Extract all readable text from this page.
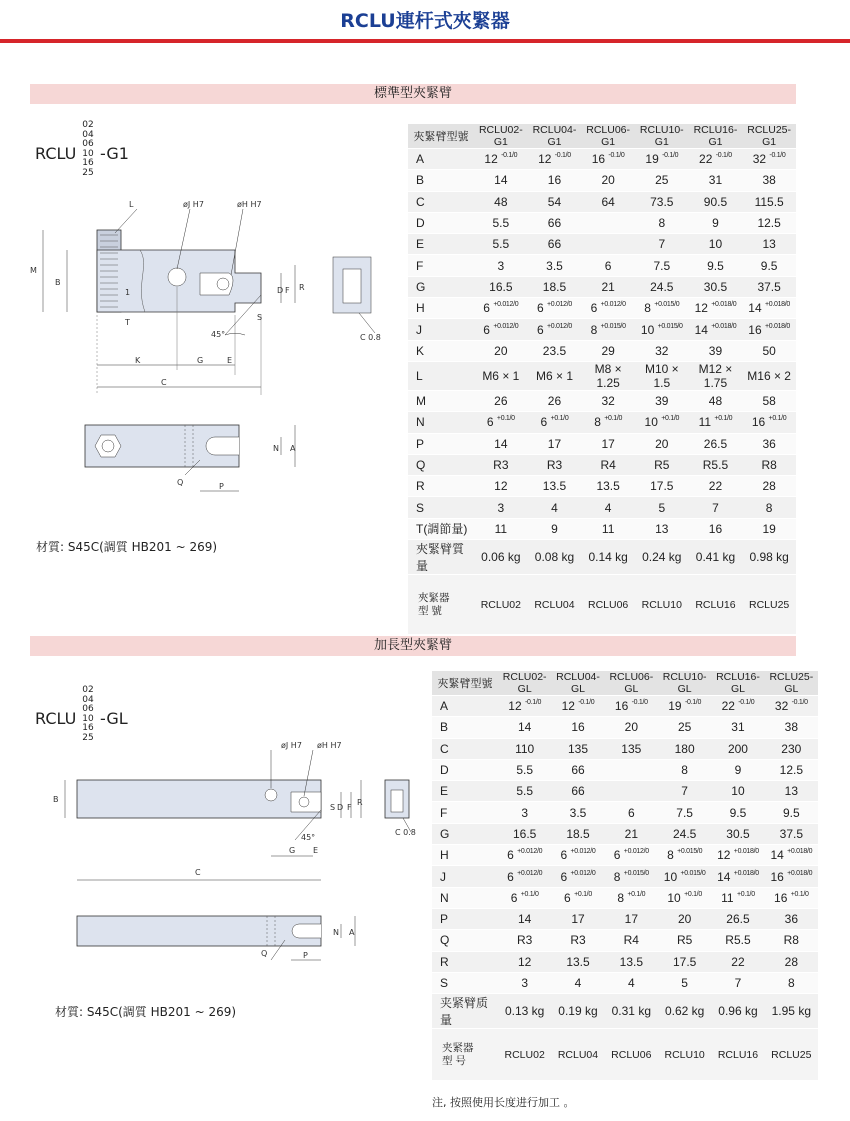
RCLU連杆式夾緊器
標準型夾緊臂
RCLU
02
04
06
10
16
25
-G1
L	øJ H7	øH H7
M
B
1
T
S
D F R
45°
K	G	E
C
C 0.8
N A
Q	P
材質: S45C(調質 HB201 ~ 269)
夾緊臂型號	RCLU02-G1	RCLU04-G1	RCLU06-G1	RCLU10-G1	RCLU16-G1	RCLU25-G1
A	12 $^{-0.1/0}$	12 $^{-0.1/0}$	16 $^{-0.1/0}$	19 $^{-0.1/0}$	22 $^{-0.1/0}$	32 $^{-0.1/0}$
B	14	16	20	25	31	38
C	48	54	64	73.5	90.5	115.5
D	5.5	66		8	9	12.5
E	5.5	66		7	10	13
F	3	3.5	6	7.5	9.5	9.5
G	16.5	18.5	21	24.5	30.5	37.5
H	6 $^{+0.012/0}$	6 $^{+0.012/0}$	6 $^{+0.012/0}$	8 $^{+0.015/0}$	12 $^{+0.018/0}$	14 $^{+0.018/0}$
J	6 $^{+0.012/0}$	6 $^{+0.012/0}$	8 $^{+0.015/0}$	10 $^{+0.015/0}$	14 $^{+0.018/0}$	16 $^{+0.018/0}$
K	20	23.5	29	32	39	50
L	M6 × 1	M6 × 1	M8 × 1.25	M10 × 1.5	M12 × 1.75	M16 × 2
M	26	26	32	39	48	58
N	6 $^{+0.1/0}$	6 $^{+0.1/0}$	8 $^{+0.1/0}$	10 $^{+0.1/0}$	11 $^{+0.1/0}$	16 $^{+0.1/0}$
P	14	17	17	20	26.5	36
Q	R3	R3	R4	R5	R5.5	R8
R	12	13.5	13.5	17.5	22	28
S	3	4	4	5	7	8
T(調節量)	11	9	11	13	16	19
夾緊臂質量	0.06 kg	0.08 kg	0.14 kg	0.24 kg	0.41 kg	0.98 kg
夾緊器
型 號	RCLU02	RCLU04	RCLU06	RCLU10	RCLU16	RCLU25
加長型夾緊臂
RCLU
02
04
06
10
16
25
-GL
øJ H7 øH H7
B
S D F
R
45°
G E
C
C 0.8
N A
Q	P
材質: S45C(調質 HB201 ~ 269)
夾緊臂型號	RCLU02-GL	RCLU04-GL	RCLU06-GL	RCLU10-GL	RCLU16-GL	RCLU25-GL
A	12 $^{-0.1/0}$	12 $^{-0.1/0}$	16 $^{-0.1/0}$	19 $^{-0.1/0}$	22 $^{-0.1/0}$	32 $^{-0.1/0}$
B	14	16	20	25	31	38
C	110	135	135	180	200	230
D	5.5	66		8	9	12.5
E	5.5	66		7	10	13
F	3	3.5	6	7.5	9.5	9.5
G	16.5	18.5	21	24.5	30.5	37.5
H	6 $^{+0.012/0}$	6 $^{+0.012/0}$	6 $^{+0.012/0}$	8 $^{+0.015/0}$	12 $^{+0.018/0}$	14 $^{+0.018/0}$
J	6 $^{+0.012/0}$	6 $^{+0.012/0}$	8 $^{+0.015/0}$	10 $^{+0.015/0}$	14 $^{+0.018/0}$	16 $^{+0.018/0}$
N	6 $^{+0.1/0}$	6 $^{+0.1/0}$	8 $^{+0.1/0}$	10 $^{+0.1/0}$	11 $^{+0.1/0}$	16 $^{+0.1/0}$
P	14	17	17	20	26.5	36
Q	R3	R3	R4	R5	R5.5	R8
R	12	13.5	13.5	17.5	22	28
S	3	4	4	5	7	8
夹紧臂质量	0.13 kg	0.19 kg	0.31 kg	0.62 kg	0.96 kg	1.95 kg
夹紧器
型 号	RCLU02	RCLU04	RCLU06	RCLU10	RCLU16	RCLU25
注, 按照使用长度进行加工 。
